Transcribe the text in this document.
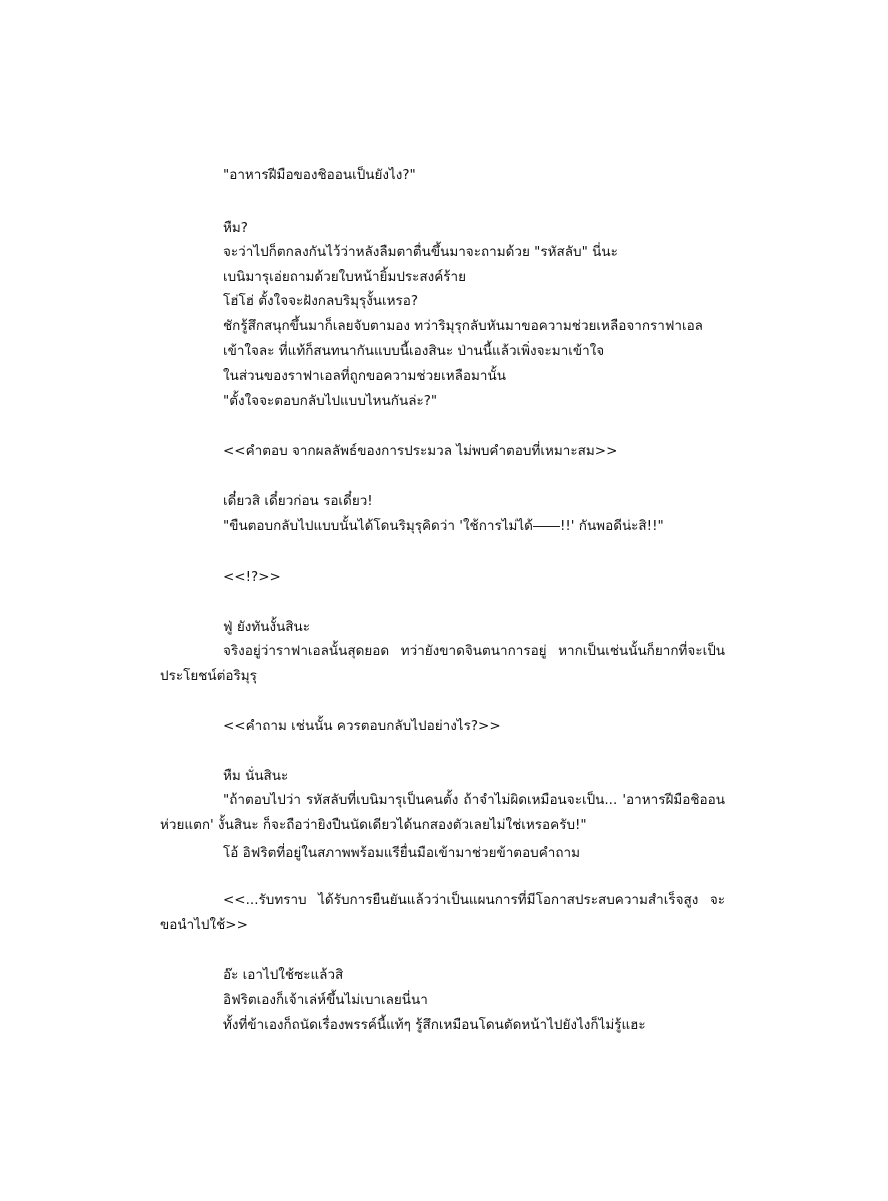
"อาหารฝีมือของชิออนเป็นยังไง?"
หืม?
จะว่าไปก็ตกลงกันไว้ว่าหลังลืมตาตื่นขึ้นมาจะถามด้วย "รหัสลับ" นี่นะ
เบนิมารุเอ่ยถามด้วยใบหน้ายิ้มประสงค์ร้าย
โฮ่โฮ่ ตั้งใจจะฝังกลบริมุรุงั้นเหรอ?
ชักรู้สึกสนุกขึ้นมาก็เลยจับตามอง ทว่าริมุรุกลับหันมาขอความช่วยเหลือจากราฟาเอล
เข้าใจละ ที่แท้ก็สนทนากันแบบนี้เองสินะ ป่านนี้แล้วเพิ่งจะมาเข้าใจ
ในส่วนของราฟาเอลที่ถูกขอความช่วยเหลือมานั้น
"ตั้งใจจะตอบกลับไปแบบไหนกันล่ะ?"
<<คำตอบ จากผลลัพธ์ของการประมวล ไม่พบคำตอบที่เหมาะสม>>
เดี๋ยวสิ เดี๋ยวก่อน รอเดี๋ยว!
"ขืนตอบกลับไปแบบนั้นได้โดนริมุรุคิดว่า 'ใช้การไม่ได้――!!' กันพอดีน่ะสิ!!"
<<!?>>
ฟู่ ยังทันงั้นสินะ
จริงอยู่ว่าราฟาเอลนั้นสุดยอด ทว่ายังขาดจินตนาการอยู่ หากเป็นเช่นนั้นก็ยากที่จะเป็นประโยชน์ต่อริมุรุ
<<คำถาม เช่นนั้น ควรตอบกลับไปอย่างไร?>>
หืม นั่นสินะ
"ถ้าตอบไปว่า รหัสลับที่เบนิมารุเป็นคนตั้ง ถ้าจำไม่ผิดเหมือนจะเป็น... 'อาหารฝีมือชิออนห่วยแตก' งั้นสินะ ก็จะถือว่ายิงปืนนัดเดียวได้นกสองตัวเลยไม่ใช่เหรอครับ!"
โอ้ อิฟริตที่อยู่ในสภาพพร้อมแรียื่นมือเข้ามาช่วยข้าตอบคำถาม
<<...รับทราบ ได้รับการยืนยันแล้วว่าเป็นแผนการที่มีโอกาสประสบความสำเร็จสูง จะขอนำไปใช้>>
อ๊ะ เอาไปใช้ซะแล้วสิ
อิฟริตเองก็เจ้าเล่ห์ขึ้นไม่เบาเลยนี่นา
ทั้งที่ข้าเองก็ถนัดเรื่องพรรค์นี้แท้ๆ รู้สึกเหมือนโดนตัดหน้าไปยังไงก็ไม่รู้แฮะ
